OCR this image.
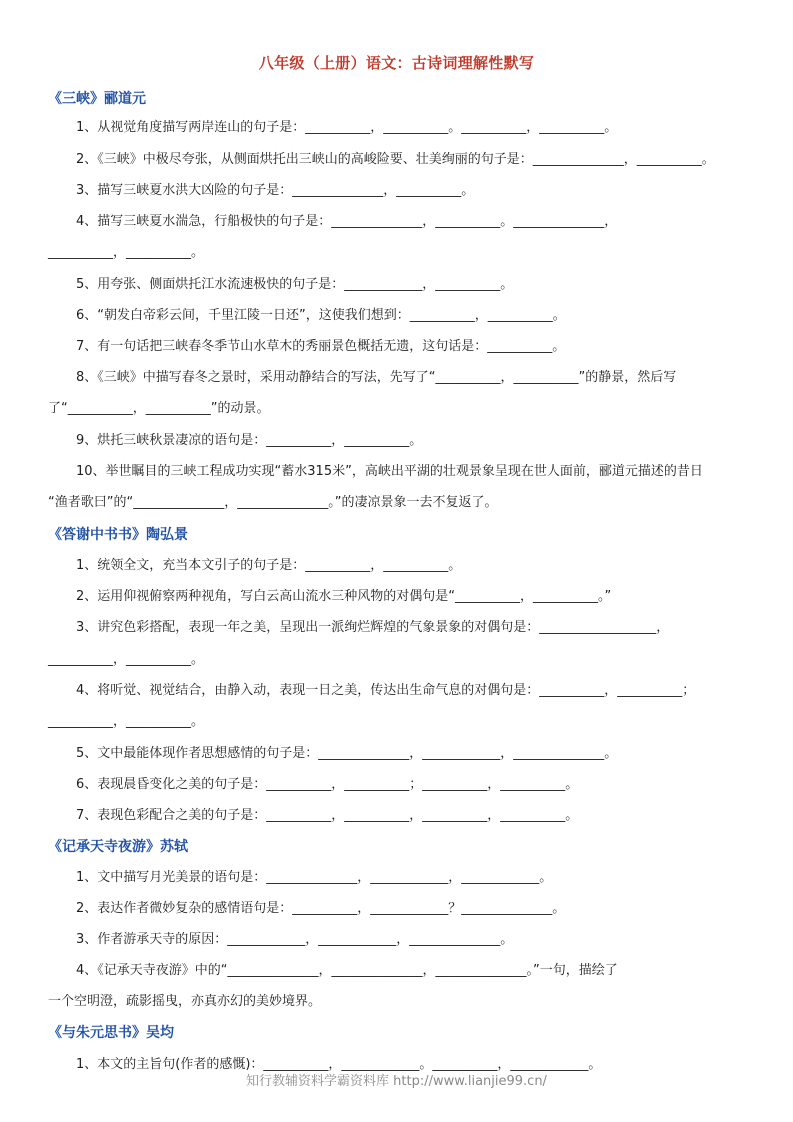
八年级（上册）语文：古诗词理解性默写
《三峡》郦道元
《答谢中书书》陶弘景
《记承天寺夜游》苏轼
《与朱元思书》吴均
1、从视觉角度描写两岸连山的句子是：__________，__________。__________，__________。
2、《三峡》中极尽夸张，从侧面烘托出三峡山的高峻险要、壮美绚丽的句子是：______________，__________。
3、描写三峡夏水洪大凶险的句子是：______________，__________。
4、描写三峡夏水湍急，行船极快的句子是：______________，__________。______________，
__________，__________。
5、用夸张、侧面烘托江水流速极快的句子是：____________，__________。
6、“朝发白帝彩云间，千里江陵一日还”，这使我们想到：__________，__________。
7、有一句话把三峡春冬季节山水草木的秀丽景色概括无遗，这句话是：__________。
8、《三峡》中描写春冬之景时，采用动静结合的写法，先写了“__________，__________”的静景，然后写
了“__________，__________”的动景。
9、烘托三峡秋景凄凉的语句是：__________，__________。
10、举世瞩目的三峡工程成功实现“蓄水315米”，高峡出平湖的壮观景象呈现在世人面前，郦道元描述的昔日
“渔者歌曰”的“______________，______________。”的凄凉景象一去不复返了。
1、统领全文，充当本文引子的句子是：__________，__________。
2、运用仰视俯察两种视角，写白云高山流水三种风物的对偶句是“__________，__________。”
3、讲究色彩搭配，表现一年之美，呈现出一派绚烂辉煌的气象景象的对偶句是：__________________，
__________，__________。
4、将听觉、视觉结合，由静入动，表现一日之美，传达出生命气息的对偶句是：__________，__________；
__________，__________。
5、文中最能体现作者思想感情的句子是：______________，____________，______________。
6、表现晨昏变化之美的句子是：__________，__________；__________，__________。
7、表现色彩配合之美的句子是：__________，__________，__________，__________。
1、文中描写月光美景的语句是：______________，____________，____________。
2、表达作者微妙复杂的感情语句是：__________，____________？______________。
3、作者游承天寺的原因：____________，____________，______________。
4、《记承天寺夜游》中的“______________，______________，______________。”一句，描绘了
一个空明澄，疏影摇曳，亦真亦幻的美妙境界。
1、本文的主旨句(作者的感慨)：__________，____________。__________，____________。
知行教辅资料学霸资料库 http://www.lianjie99.cn/
